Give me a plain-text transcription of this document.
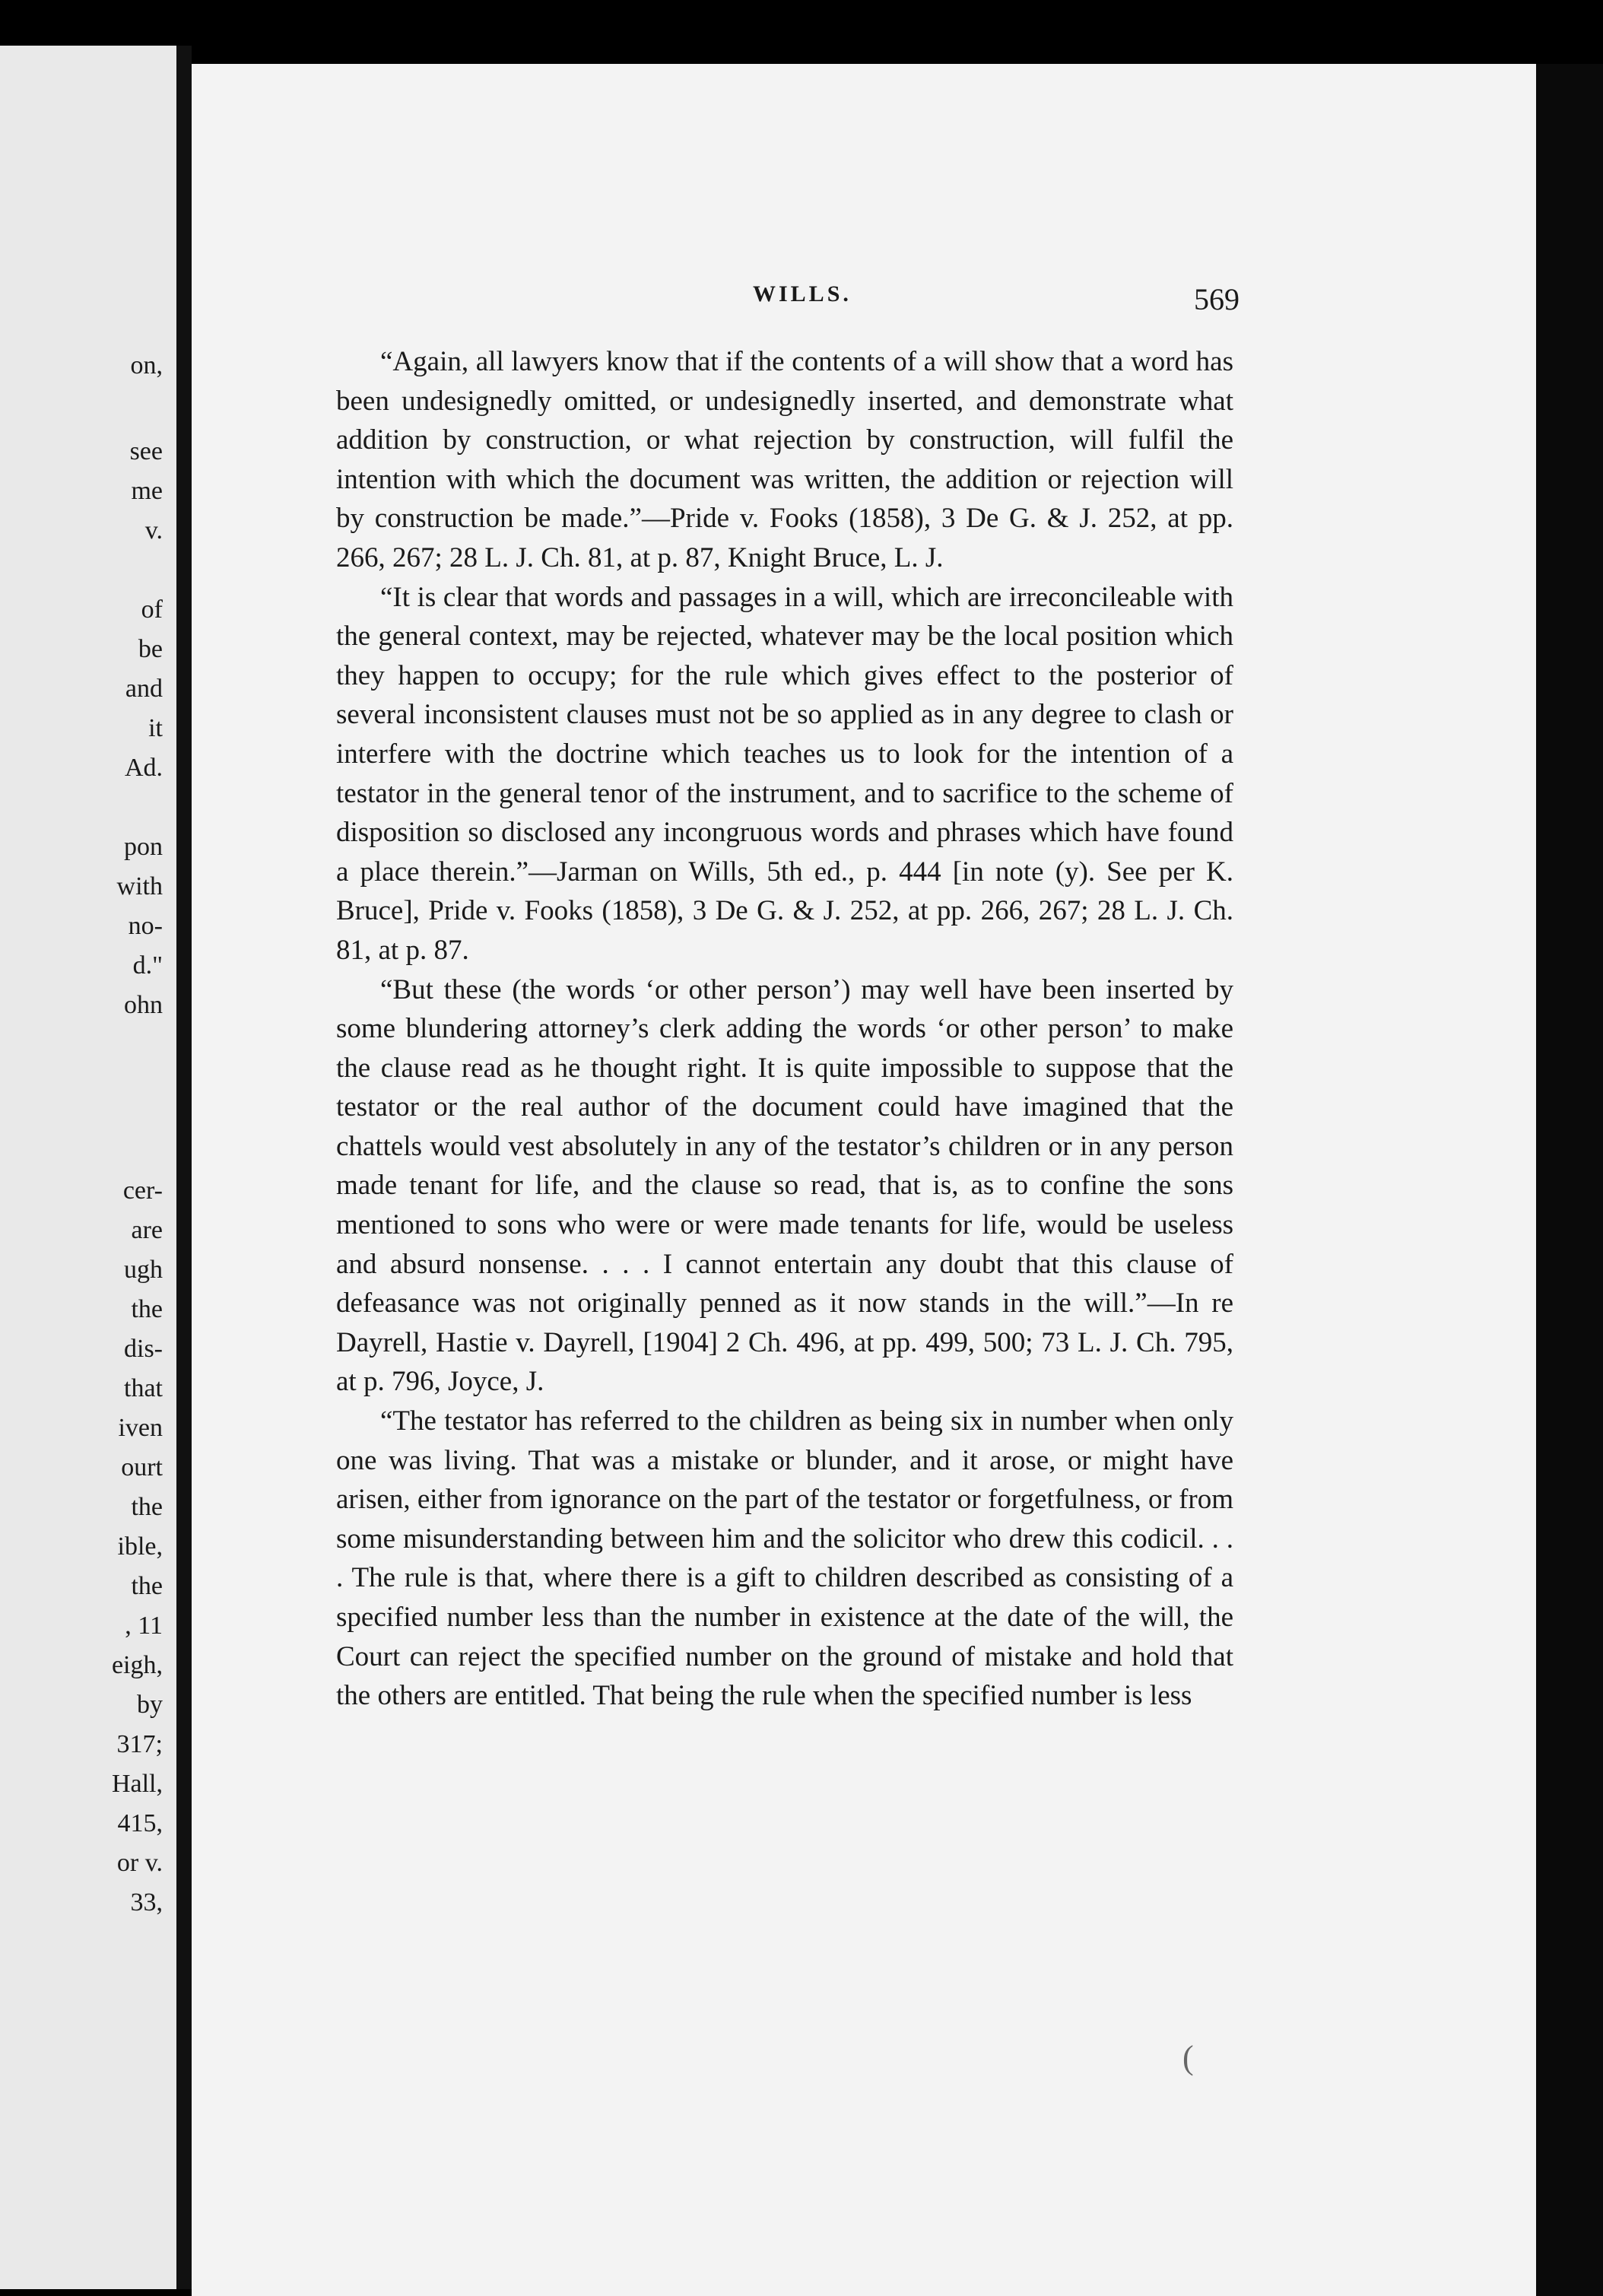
on,
see
me
v.
of
be
and
it
Ad.
pon
with
no-
d."
ohn
cer-
are
ugh
the
dis-
that
iven
ourt
the
ible,
the
, 11
eigh,
by
317;
Hall,
415,
or v.
33,
WILLS.	569

“Again, all lawyers know that if the contents of a will show that a word has been undesignedly omitted, or undesignedly inserted, and demonstrate what addition by construction, or what rejection by construction, will fulfil the intention with which the document was written, the addition or rejection will by construction be made.”—Pride v. Fooks (1858), 3 De G. & J. 252, at pp. 266, 267; 28 L. J. Ch. 81, at p. 87, Knight Bruce, L. J.

“It is clear that words and passages in a will, which are irreconcileable with the general context, may be rejected, whatever may be the local position which they happen to occupy; for the rule which gives effect to the posterior of several inconsistent clauses must not be so applied as in any degree to clash or interfere with the doctrine which teaches us to look for the intention of a testator in the general tenor of the instrument, and to sacrifice to the scheme of disposition so disclosed any incongruous words and phrases which have found a place therein.”—Jarman on Wills, 5th ed., p. 444 [in note (y). See per K. Bruce], Pride v. Fooks (1858), 3 De G. & J. 252, at pp. 266, 267; 28 L. J. Ch. 81, at p. 87.

“But these (the words ‘or other person’) may well have been inserted by some blundering attorney’s clerk adding the words ‘or other person’ to make the clause read as he thought right. It is quite impossible to suppose that the testator or the real author of the document could have imagined that the chattels would vest absolutely in any of the testator’s children or in any person made tenant for life, and the clause so read, that is, as to confine the sons mentioned to sons who were or were made tenants for life, would be useless and absurd nonsense. . . . I cannot entertain any doubt that this clause of defeasance was not originally penned as it now stands in the will.”—In re Dayrell, Hastie v. Dayrell, [1904] 2 Ch. 496, at pp. 499, 500; 73 L. J. Ch. 795, at p. 796, Joyce, J.

“The testator has referred to the children as being six in number when only one was living. That was a mistake or blunder, and it arose, or might have arisen, either from ignorance on the part of the testator or forgetfulness, or from some misunderstanding between him and the solicitor who drew this codicil. . . . The rule is that, where there is a gift to children described as consisting of a specified number less than the number in existence at the date of the will, the Court can reject the specified number on the ground of mistake and hold that the others are entitled. That being the rule when the specified number is less

(
